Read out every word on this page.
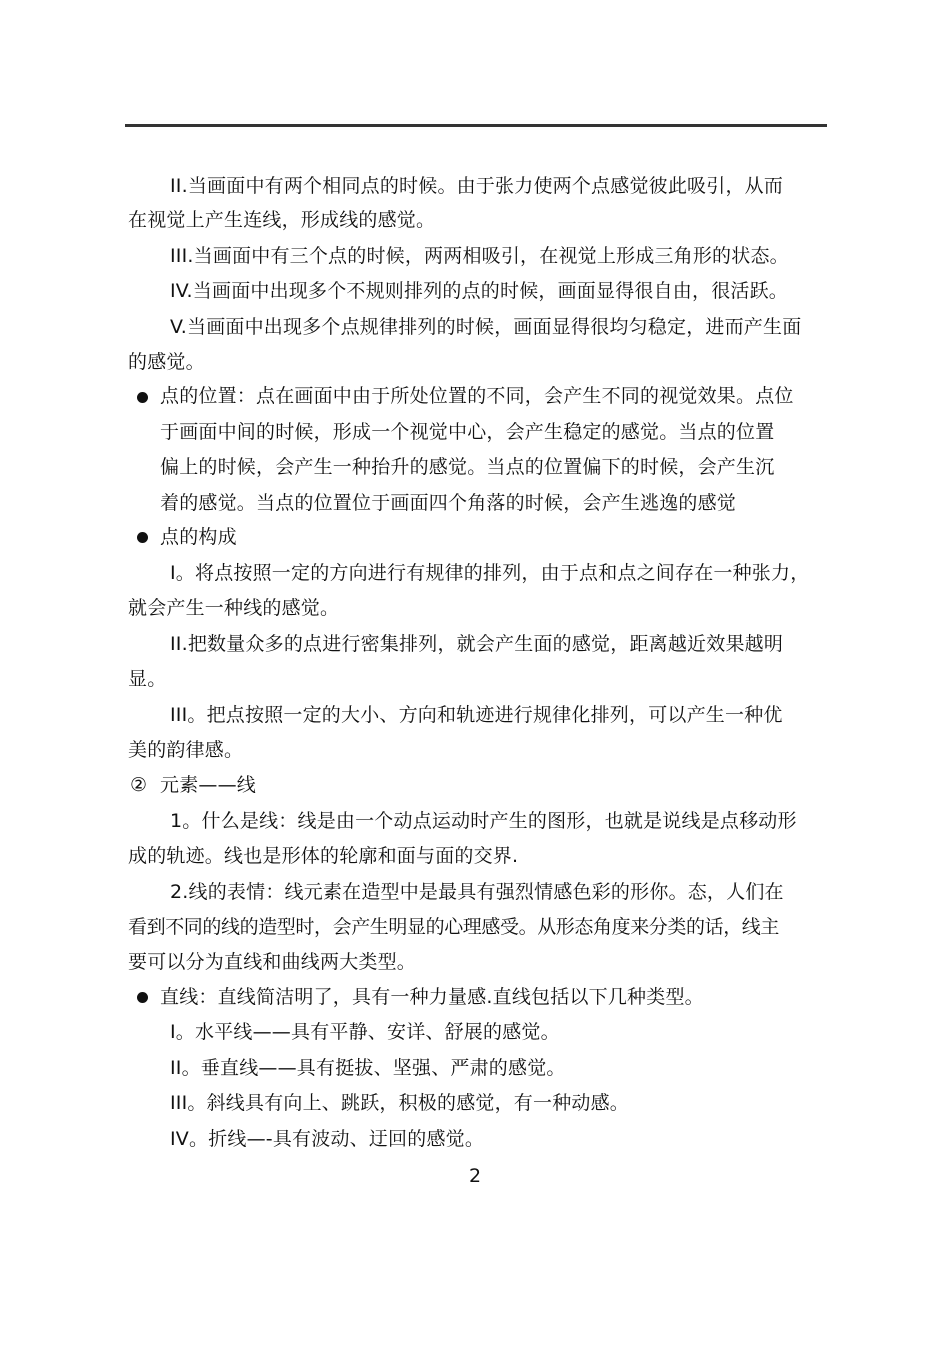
II.当画面中有两个相同点的时候。由于张力使两个点感觉彼此吸引，从而
在视觉上产生连线，形成线的感觉。
III.当画面中有三个点的时候，两两相吸引，在视觉上形成三角形的状态。
IV.当画面中出现多个不规则排列的点的时候，画面显得很自由，很活跃。
V.当画面中出现多个点规律排列的时候，画面显得很均匀稳定，进而产生面
的感觉。
点的位置：点在画面中由于所处位置的不同，会产生不同的视觉效果。点位
于画面中间的时候，形成一个视觉中心，会产生稳定的感觉。当点的位置
偏上的时候，会产生一种抬升的感觉。当点的位置偏下的时候，会产生沉
着的感觉。当点的位置位于画面四个角落的时候，会产生逃逸的感觉
点的构成
I。将点按照一定的方向进行有规律的排列，由于点和点之间存在一种张力，
就会产生一种线的感觉。
II.把数量众多的点进行密集排列，就会产生面的感觉，距离越近效果越明
显。
III。把点按照一定的大小、方向和轨迹进行规律化排列，可以产生一种优
美的韵律感。
② 元素——线
1。什么是线：线是由一个动点运动时产生的图形，也就是说线是点移动形
成的轨迹。线也是形体的轮廓和面与面的交界.
2.线的表情：线元素在造型中是最具有强烈情感色彩的形你。态，人们在
看到不同的线的造型时，会产生明显的心理感受。从形态角度来分类的话，线主
要可以分为直线和曲线两大类型。
直线：直线简洁明了，具有一种力量感.直线包括以下几种类型。
I。水平线——具有平静、安详、舒展的感觉。
II。垂直线——具有挺拔、坚强、严肃的感觉。
III。斜线具有向上、跳跃，积极的感觉，有一种动感。
IV。折线—-具有波动、迂回的感觉。
2
